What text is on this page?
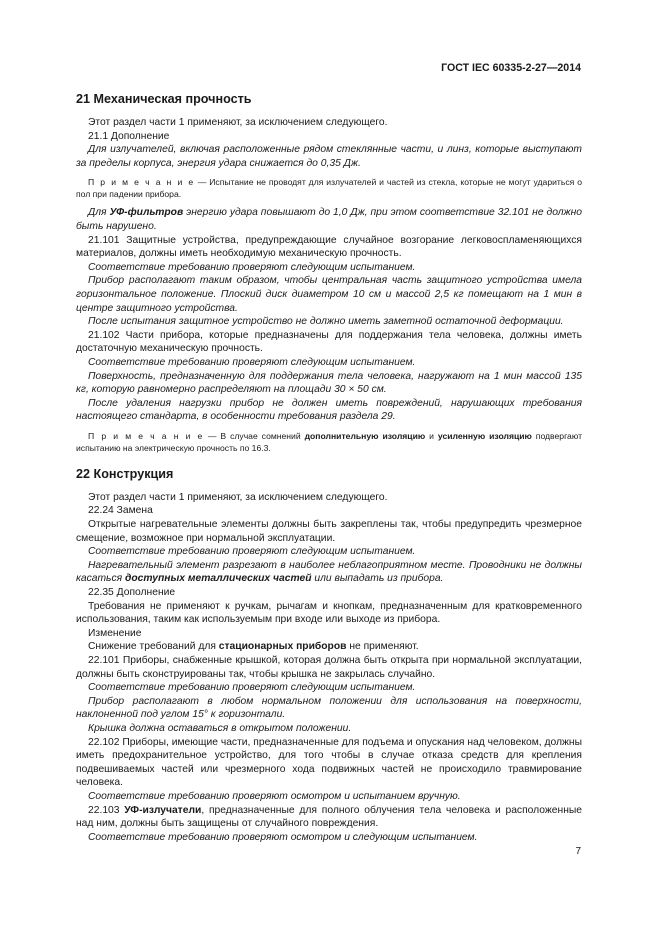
ГОСТ IEC 60335-2-27—2014
21 Механическая прочность

Этот раздел части 1 применяют, за исключением следующего.

21.1 Дополнение

Для излучателей, включая расположенные рядом стеклянные части, и линз, которые выступают за пределы корпуса, энергия удара снижается до 0,35 Дж.

П р и м е ч а н и е — Испытание не проводят для излучателей и частей из стекла, которые не могут удариться о пол при падении прибора.

Для УФ-фильтров энергию удара повышают до 1,0 Дж, при этом соответствие 32.101 не должно быть нарушено.

21.101 Защитные устройства, предупреждающие случайное возгорание легковоспламеняющихся материалов, должны иметь необходимую механическую прочность.

Соответствие требованию проверяют следующим испытанием.

Прибор располагают таким образом, чтобы центральная часть защитного устройства имела горизонтальное положение. Плоский диск диаметром 10 см и массой 2,5 кг помещают на 1 мин в центре защитного устройства.

После испытания защитное устройство не должно иметь заметной остаточной деформации.

21.102 Части прибора, которые предназначены для поддержания тела человека, должны иметь достаточную механическую прочность.

Соответствие требованию проверяют следующим испытанием.

Поверхность, предназначенную для поддержания тела человека, нагружают на 1 мин массой 135 кг, которую равномерно распределяют на площади 30 × 50 см.

После удаления нагрузки прибор не должен иметь повреждений, нарушающих требования настоящего стандарта, в особенности требования раздела 29.

П р и м е ч а н и е — В случае сомнений дополнительную изоляцию и усиленную изоляцию подвергают испытанию на электрическую прочность по 16.3.

22 Конструкция

Этот раздел части 1 применяют, за исключением следующего.

22.24 Замена

Открытые нагревательные элементы должны быть закреплены так, чтобы предупредить чрезмерное смещение, возможное при нормальной эксплуатации.

Соответствие требованию проверяют следующим испытанием.

Нагревательный элемент разрезают в наиболее неблагоприятном месте. Проводники не должны касаться доступных металлических частей или выпадать из прибора.

22.35 Дополнение

Требования не применяют к ручкам, рычагам и кнопкам, предназначенным для кратковременного использования, таким как используемым при входе или выходе из прибора.

Изменение

Снижение требований для стационарных приборов не применяют.

22.101 Приборы, снабженные крышкой, которая должна быть открыта при нормальной эксплуатации, должны быть сконструированы так, чтобы крышка не закрылась случайно.

Соответствие требованию проверяют следующим испытанием.

Прибор располагают в любом нормальном положении для использования на поверхности, наклоненной под углом 15° к горизонтали.

Крышка должна оставаться в открытом положении.

22.102 Приборы, имеющие части, предназначенные для подъема и опускания над человеком, должны иметь предохранительное устройство, для того чтобы в случае отказа средств для крепления подвешиваемых частей или чрезмерного хода подвижных частей не происходило травмирование человека.

Соответствие требованию проверяют осмотром и испытанием вручную.

22.103 УФ-излучатели, предназначенные для полного облучения тела человека и расположенные над ним, должны быть защищены от случайного повреждения.

Соответствие требованию проверяют осмотром и следующим испытанием.

7
